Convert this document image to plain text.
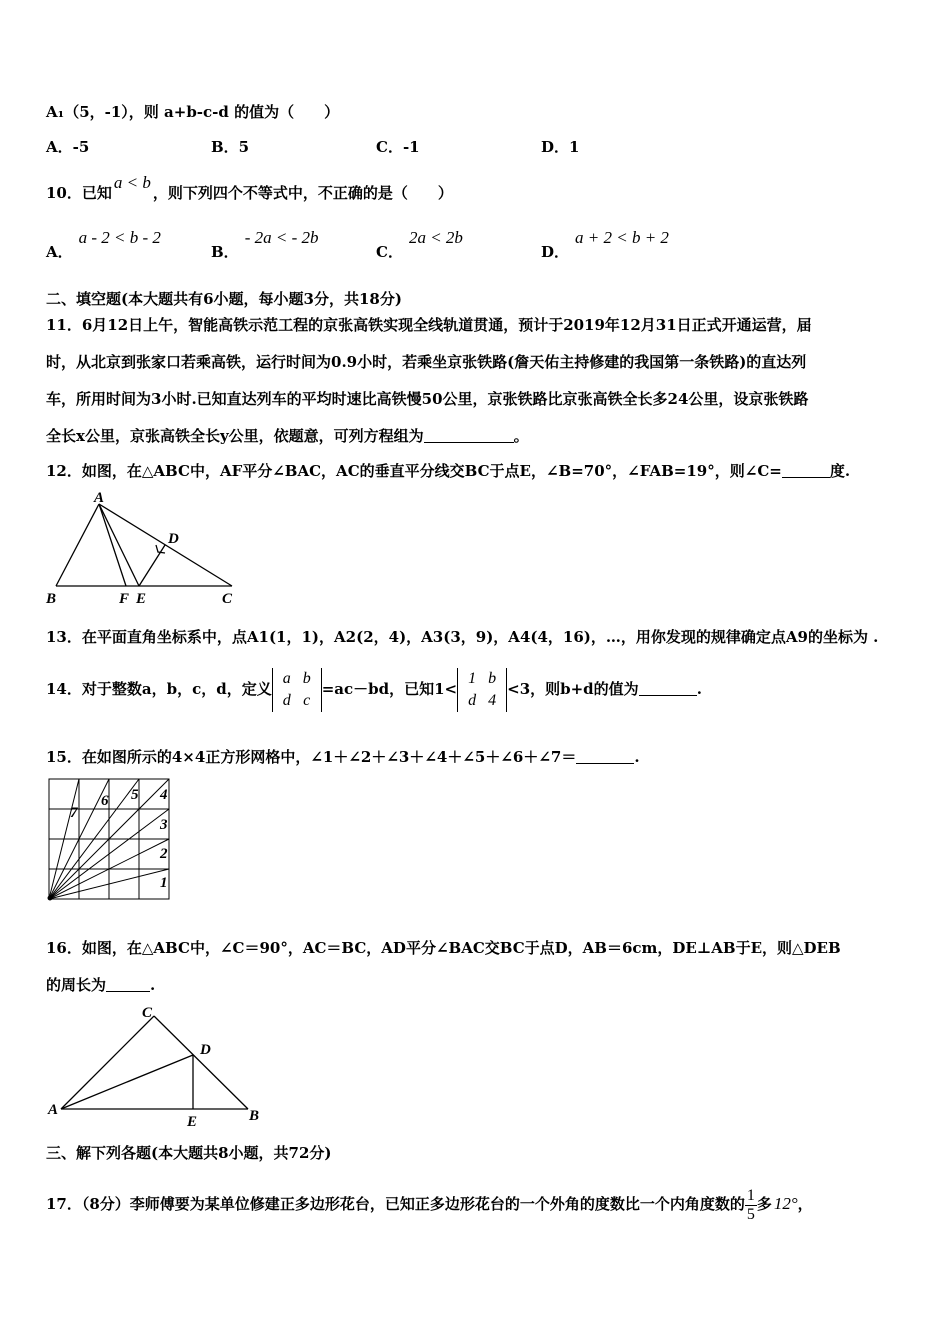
A₁（5，-1），则 a+b-c-d 的值为（　　）
A．-5	B．5	C．-1	D．1
10．已知a < b，则下列四个不等式中，不正确的是（　　）
A．a - 2 < b - 2
B．- 2a < - 2b
C．2a < 2b
D．a + 2 < b + 2
二、填空题(本大题共有6小题，每小题3分，共18分)
11．6月12日上午，智能高铁示范工程的京张高铁实现全线轨道贯通，预计于2019年12月31日正式开通运营，届
时，从北京到张家口若乘高铁，运行时间为0.9小时，若乘坐京张铁路(詹天佑主持修建的我国第一条铁路)的直达列
车，所用时间为3小时.已知直达列车的平均时速比高铁慢50公里，京张铁路比京张高铁全长多24公里，设京张铁路
全长x公里，京张高铁全长y公里，依题意，可列方程组为	。
12．如图，在△ABC中，AF平分∠BAC，AC的垂直平分线交BC于点E，∠B=70°，∠FAB=19°，则∠C=	度.
A
B	C
D
E
F
13．在平面直角坐标系中，点A1(1，1)，A2(2，4)，A3(3，9)，A4(4，16)，…，用你发现的规律确定点A9的坐标为 .
14．对于整数a，b，c，d，定义a b
d c=ac－bd，已知1<1 b
d 4<3，则b+d的值为	.
15．在如图所示的4×4正方形网格中，∠1＋∠2＋∠3＋∠4＋∠5＋∠6＋∠7＝	.
1
2
3
4
5
6
7
16．如图，在△ABC中，∠C＝90°，AC＝BC，AD平分∠BAC交BC于点D，AB＝6cm，DE⊥AB于E，则△DEB
的周长为	.
C
A	B
D
E
三、解下列各题(本大题共8小题，共72分)
17．（8分）李师傅要为某单位修建正多边形花台，已知正多边形花台的一个外角的度数比一个内角度数的 $\frac{1}{5}$ 多 12°，
